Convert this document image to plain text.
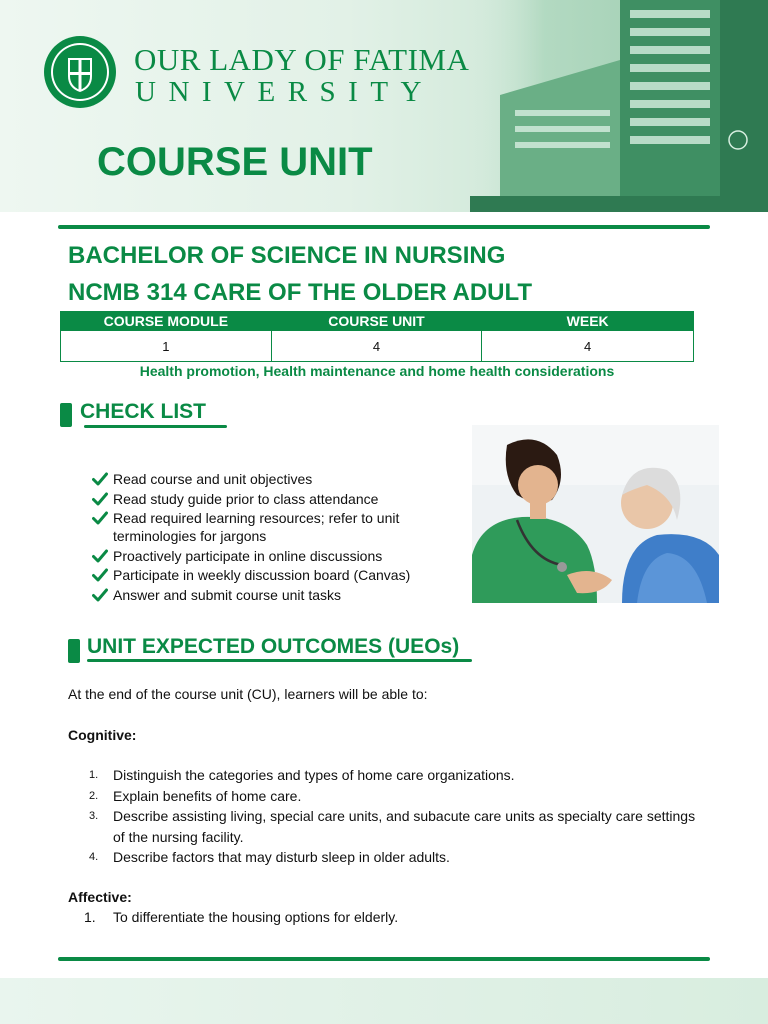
OUR LADY OF FATIMA
UNIVERSITY
COURSE UNIT
BACHELOR OF SCIENCE IN NURSING
NCMB 314 CARE OF THE OLDER ADULT
COURSE MODULE	COURSE UNIT	WEEK
1	4	4
Health promotion, Health maintenance and home health considerations
CHECK LIST
Read course and unit objectives
Read study guide prior to class attendance
Read required learning resources; refer to unit terminologies for jargons
Proactively participate in online discussions
Participate in weekly discussion board (Canvas)
Answer and submit course unit tasks
UNIT EXPECTED OUTCOMES (UEOs)
At the end of the course unit (CU), learners will be able to:
Cognitive:
1. Distinguish the categories and types of home care organizations.
2. Explain benefits of home care.
3. Describe assisting living, special care units, and subacute care units as specialty care settings of the nursing facility.
4. Describe factors that may disturb sleep in older adults.
Affective:
1. To differentiate the housing options for elderly.
